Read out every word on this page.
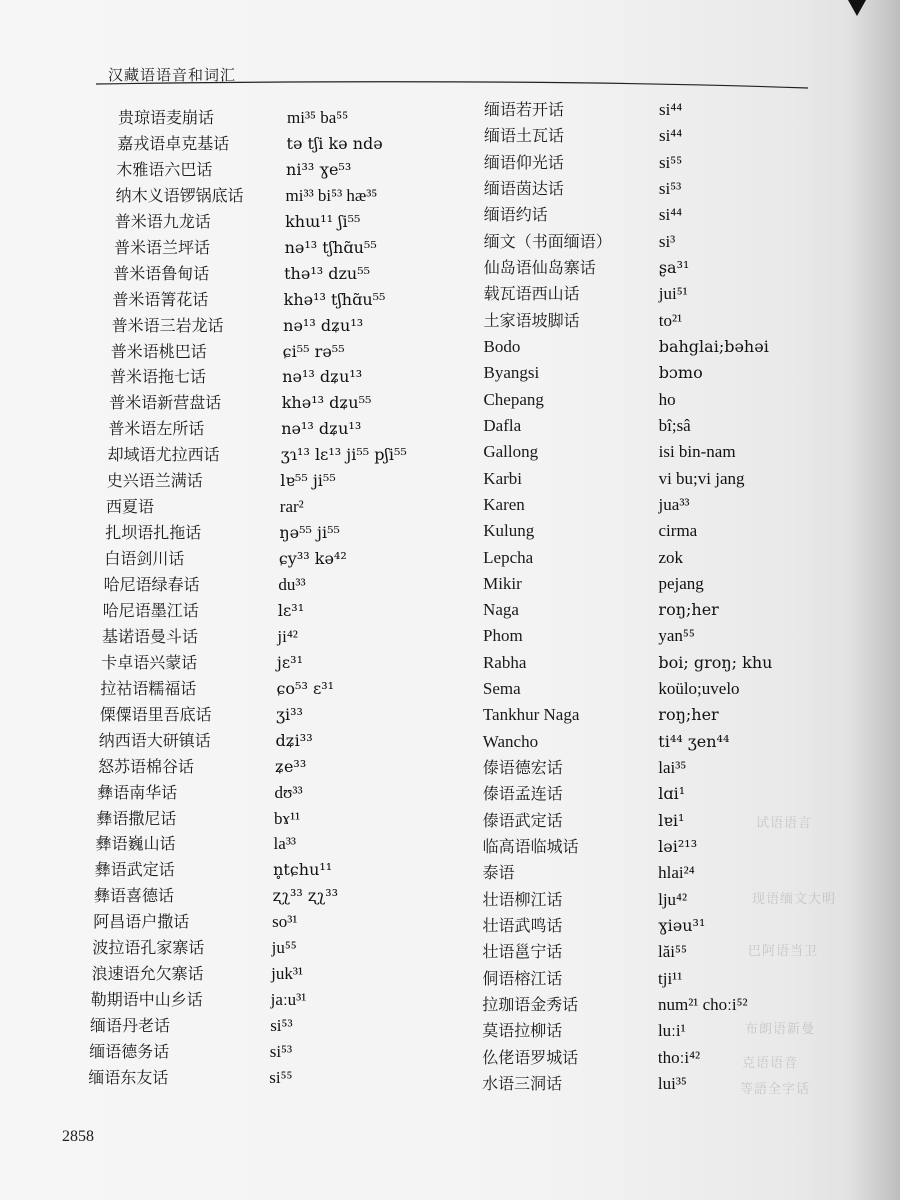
汉藏语语音和词汇
试语语言
现语缅文大明
巴阿语当卫
布朗语新曼
克语语音
等語全字话
贵琼语麦崩话	mi³⁵ ba⁵⁵
嘉戎语卓克基话	tə tʃi kə ndə
木雅语六巴话	ni³³ ɣe⁵³
纳木义语锣锅底话 mi³³ bi⁵³ hæ³⁵
普米语九龙话	khɯ¹¹ ʃi⁵⁵
普米语兰坪话	nə¹³ tʃhɑ̃u⁵⁵
普米语鲁甸话	thə¹³ dzu⁵⁵
普米语箐花话	khə¹³ tʃhɑ̃u⁵⁵
普米语三岩龙话	nə¹³ dʑu¹³
普米语桃巴话	ɕi⁵⁵ rə⁵⁵
普米语拖七话	nə¹³ dʑu¹³
普米语新营盘话	khə¹³ dʑu⁵⁵
普米语左所话	nə¹³ dʑu¹³
却域语尤拉西话	ʒɿ¹³ lɛ¹³ ji⁵⁵ pʃi⁵⁵
史兴语兰满话	lɐ⁵⁵ ji⁵⁵
西夏语	rar²
扎坝语扎拖话	ŋə⁵⁵ ji⁵⁵
白语剑川话	ɕy³³ kə⁴²
哈尼语绿春话	du³³
哈尼语墨江话	lɛ³¹
基诺语曼斗话	ji⁴²
卡卓语兴蒙话	jɛ³¹
拉祜语糯福话	ɕo⁵³ ɛ³¹
傈僳语里吾底话	ʒi³³
纳西语大研镇话	dʑi³³
怒苏语棉谷话	ʑe³³
彝语南华话	dʊ³³
彝语撒尼话	bɤ¹¹
彝语巍山话	la³³
彝语武定话	n̥tɕhu¹¹
彝语喜德话	ʐʅ³³ ʐʅ³³
阿昌语户撒话	so³¹
波拉语孔家寨话	ju⁵⁵
浪速语允欠寨话	juk³¹
勒期语中山乡话	jaːu³¹
缅语丹老话	si⁵³
缅语德务话	si⁵³
缅语东友话	si⁵⁵
缅语若开话	si⁴⁴
缅语土瓦话	si⁴⁴
缅语仰光话	si⁵⁵
缅语茵达话	si⁵³
缅语约话	si⁴⁴
缅文（书面缅语）	si³
仙岛语仙岛寨话	ʂa³¹
载瓦语西山话	jui⁵¹
土家语坡脚话	to²¹
Bodo	bahglai;bəhəi
Byangsi	bɔmo
Chepang	ho
Dafla	bî;sâ
Gallong	isi bin-nam
Karbi	vi bu;vi jang
Karen	jua³³
Kulung	cirma
Lepcha	zok
Mikir	pejang
Naga	roŋ;her
Phom	yan⁵⁵
Rabha	boi; groŋ; khu
Sema	koülo;uvelo
Tankhur Naga	roŋ;her
Wancho	ti⁴⁴ ʒen⁴⁴
傣语德宏话	lai³⁵
傣语孟连话	lɑi¹
傣语武定话	lɐi¹
临高语临城话	ləi²¹³
泰语	hlai²⁴
壮语柳江话	lju⁴²
壮语武鸣话	ɣiəu³¹
壮语邕宁话	lăi⁵⁵
侗语榕江话	tji¹¹
拉珈语金秀话	num²¹ choːi⁵²
莫语拉柳话	luːi¹
仫佬语罗城话	thoːi⁴²
水语三洞话	lui³⁵
2858
